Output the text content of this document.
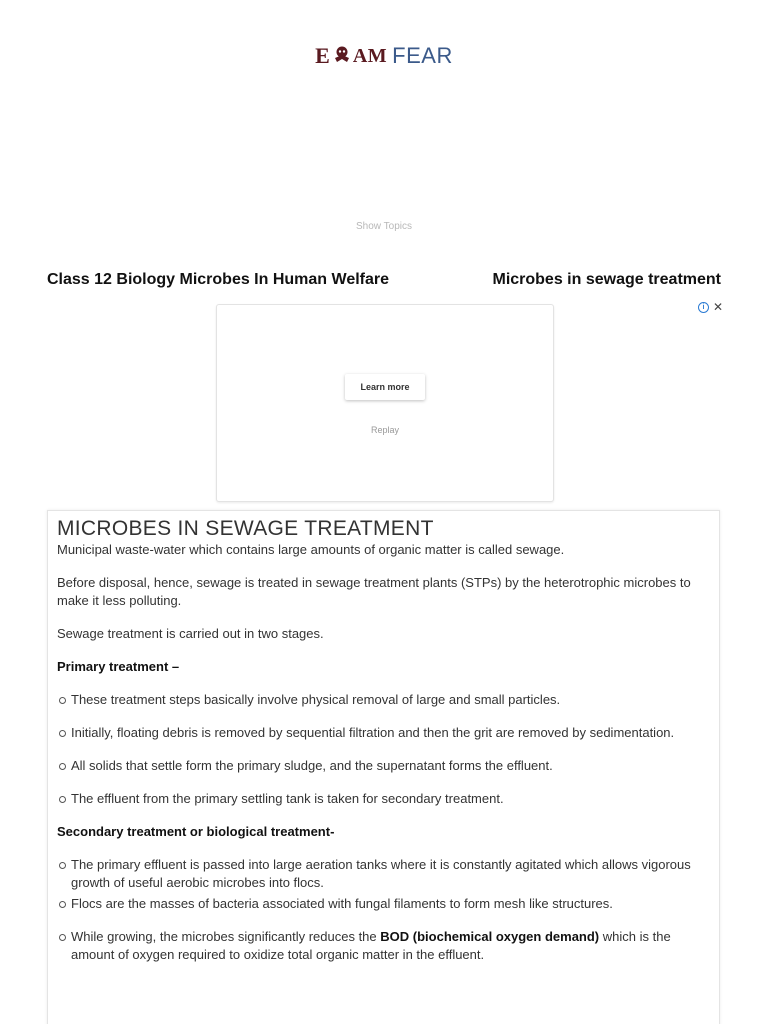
E AM FEAR
Show Topics
Class 12 Biology Microbes In Human Welfare	Microbes in sewage treatment
i ✕
Learn more
Replay
MICROBES IN SEWAGE TREATMENT

Municipal waste-water which contains large amounts of organic matter is called sewage.

Before disposal, hence, sewage is treated in sewage treatment plants (STPs) by the heterotrophic microbes to make it less polluting.

Sewage treatment is carried out in two stages.

Primary treatment –

These treatment steps basically involve physical removal of large and small particles.
Initially, floating debris is removed by sequential filtration and then the grit are removed by sedimentation.
All solids that settle form the primary sludge, and the supernatant forms the effluent.
The effluent from the primary settling tank is taken for secondary treatment.

Secondary treatment or biological treatment-

The primary effluent is passed into large aeration tanks where it is constantly agitated which allows vigorous growth of useful aerobic microbes into flocs.
Flocs are the masses of bacteria associated with fungal filaments to form mesh like structures.
While growing, the microbes significantly reduces the BOD (biochemical oxygen demand) which is the amount of oxygen required to oxidize total organic matter in the effluent.
